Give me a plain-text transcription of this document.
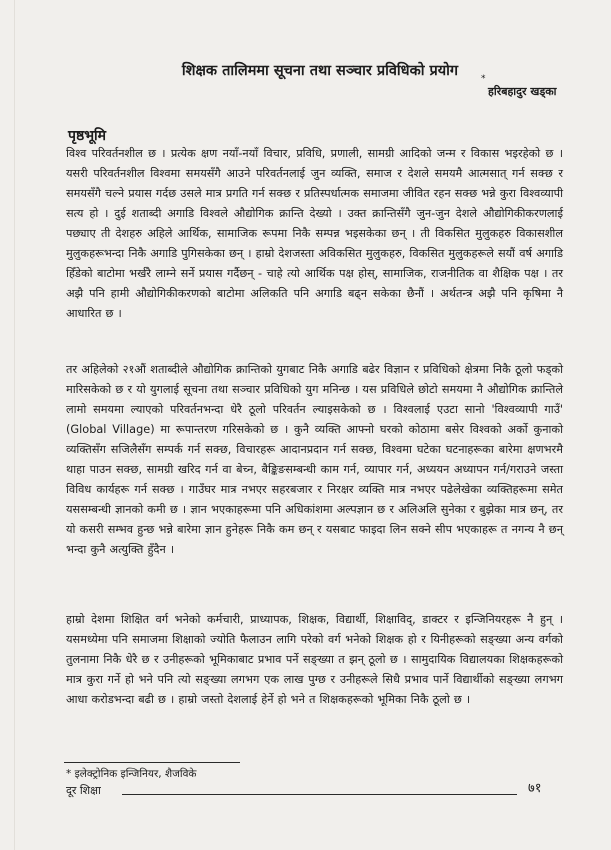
शिक्षक तालिममा सूचना तथा सञ्चार प्रविधिको प्रयोग	*
हरिबहादुर खड्का
पृष्ठभूमि
विश्व परिवर्तनशील छ । प्रत्येक क्षण नयाँ-नयाँ विचार, प्रविधि, प्रणाली, सामग्री आदिको जन्म र विकास भइरहेको छ । यसरी परिवर्तनशील विश्वमा समयसँगै आउने परिवर्तनलाई जुन व्यक्ति, समाज र देशले समयमै आत्मसात् गर्न सक्छ र समयसँगै चल्ने प्रयास गर्दछ उसले मात्र प्रगति गर्न सक्छ र प्रतिस्पर्धात्मक समाजमा जीवित रहन सक्छ भन्ने कुरा विश्वव्यापी सत्य हो । दुई शताब्दी अगाडि विश्वले औद्योगिक क्रान्ति देख्यो । उक्त क्रान्तिसँगै जुन-जुन देशले औद्योगिकीकरणलाई पछ्याए ती देशहरु अहिले आर्थिक, सामाजिक रूपमा निकै सम्पन्न भइसकेका छन् । ती विकसित मुलुकहरु विकासशील मुलुकहरूभन्दा निकै अगाडि पुगिसकेका छन् । हाम्रो देशजस्ता अविकसित मुलुकहरु, विकसित मुलुकहरूले सयौं वर्ष अगाडि हिँडेको बाटोमा भर्खरै लाम्ने सर्ने प्रयास गर्दैछन् - चाहे त्यो आर्थिक पक्ष होस्, सामाजिक, राजनीतिक वा शैक्षिक पक्ष । तर अझै पनि हामी औद्योगिकीकरणको बाटोमा अलिकति पनि अगाडि बढ्न सकेका छैनौं । अर्थतन्त्र अझै पनि कृषिमा नै आधारित छ ।
तर अहिलेको २१औं शताब्दीले औद्योगिक क्रान्तिको युगबाट निकै अगाडि बढेर विज्ञान र प्रविधिको क्षेत्रमा निकै ठूलो फड्को मारिसकेको छ र यो युगलाई सूचना तथा सञ्चार प्रविधिको युग मनिन्छ । यस प्रविधिले छोटो समयमा नै औद्योगिक क्रान्तिले लामो समयमा ल्याएको परिवर्तनभन्दा धेरै ठूलो परिवर्तन ल्याइसकेको छ । विश्वलाई एउटा सानो 'विश्वव्यापी गाउँ' (Global Village) मा रूपान्तरण गरिसकेको छ । कुनै व्यक्ति आफ्नो घरको कोठामा बसेर विश्वको अर्को कुनाको व्यक्तिसँग सजिलैसँग सम्पर्क गर्न सक्छ, विचारहरू आदानप्रदान गर्न सक्छ, विश्वमा घटेका घटनाहरूका बारेमा क्षणभरमै थाहा पाउन सक्छ, सामग्री खरिद गर्न वा बेच्न, बैङ्किङसम्बन्धी काम गर्न, व्यापार गर्न, अध्ययन अध्यापन गर्न/गराउने जस्ता विविध कार्यहरू गर्न सक्छ । गाउँघर मात्र नभएर सहरबजार र निरक्षर व्यक्ति मात्र नभएर पढेलेखेका व्यक्तिहरूमा समेत यससम्बन्धी ज्ञानको कमी छ । ज्ञान भएकाहरूमा पनि अधिकांशमा अल्पज्ञान छ र अलिअलि सुनेका र बुझेका मात्र छन्, तर यो कसरी सम्भव हुन्छ भन्ने बारेमा ज्ञान हुनेहरू निकै कम छन् र यसबाट फाइदा लिन सक्ने सीप भएकाहरू त नगन्य नै छन् भन्दा कुनै अत्युक्ति हुँदैन ।
हाम्रो देशमा शिक्षित वर्ग भनेको कर्मचारी, प्राध्यापक, शिक्षक, विद्यार्थी, शिक्षाविद्, डाक्टर र इन्जिनियरहरू नै हुन् । यसमध्येमा पनि समाजमा शिक्षाको ज्योति फैलाउन लागि परेको वर्ग भनेको शिक्षक हो र यिनीहरूको सङ्ख्या अन्य वर्गको तुलनामा निकै धेरै छ र उनीहरूको भूमिकाबाट प्रभाव पर्ने सङ्ख्या त झन् ठूलो छ । सामुदायिक विद्यालयका शिक्षकहरूको मात्र कुरा गर्ने हो भने पनि त्यो सङ्ख्या लगभग एक लाख पुग्छ र उनीहरूले सिधै प्रभाव पार्ने विद्यार्थीको सङ्ख्या लगभग आधा करोडभन्दा बढी छ । हाम्रो जस्तो देशलाई हेर्ने हो भने त शिक्षकहरूको भूमिका निकै ठूलो छ ।
* इलेक्ट्रोनिक इन्जिनियर, शैजविके
दूर शिक्षा	७१
